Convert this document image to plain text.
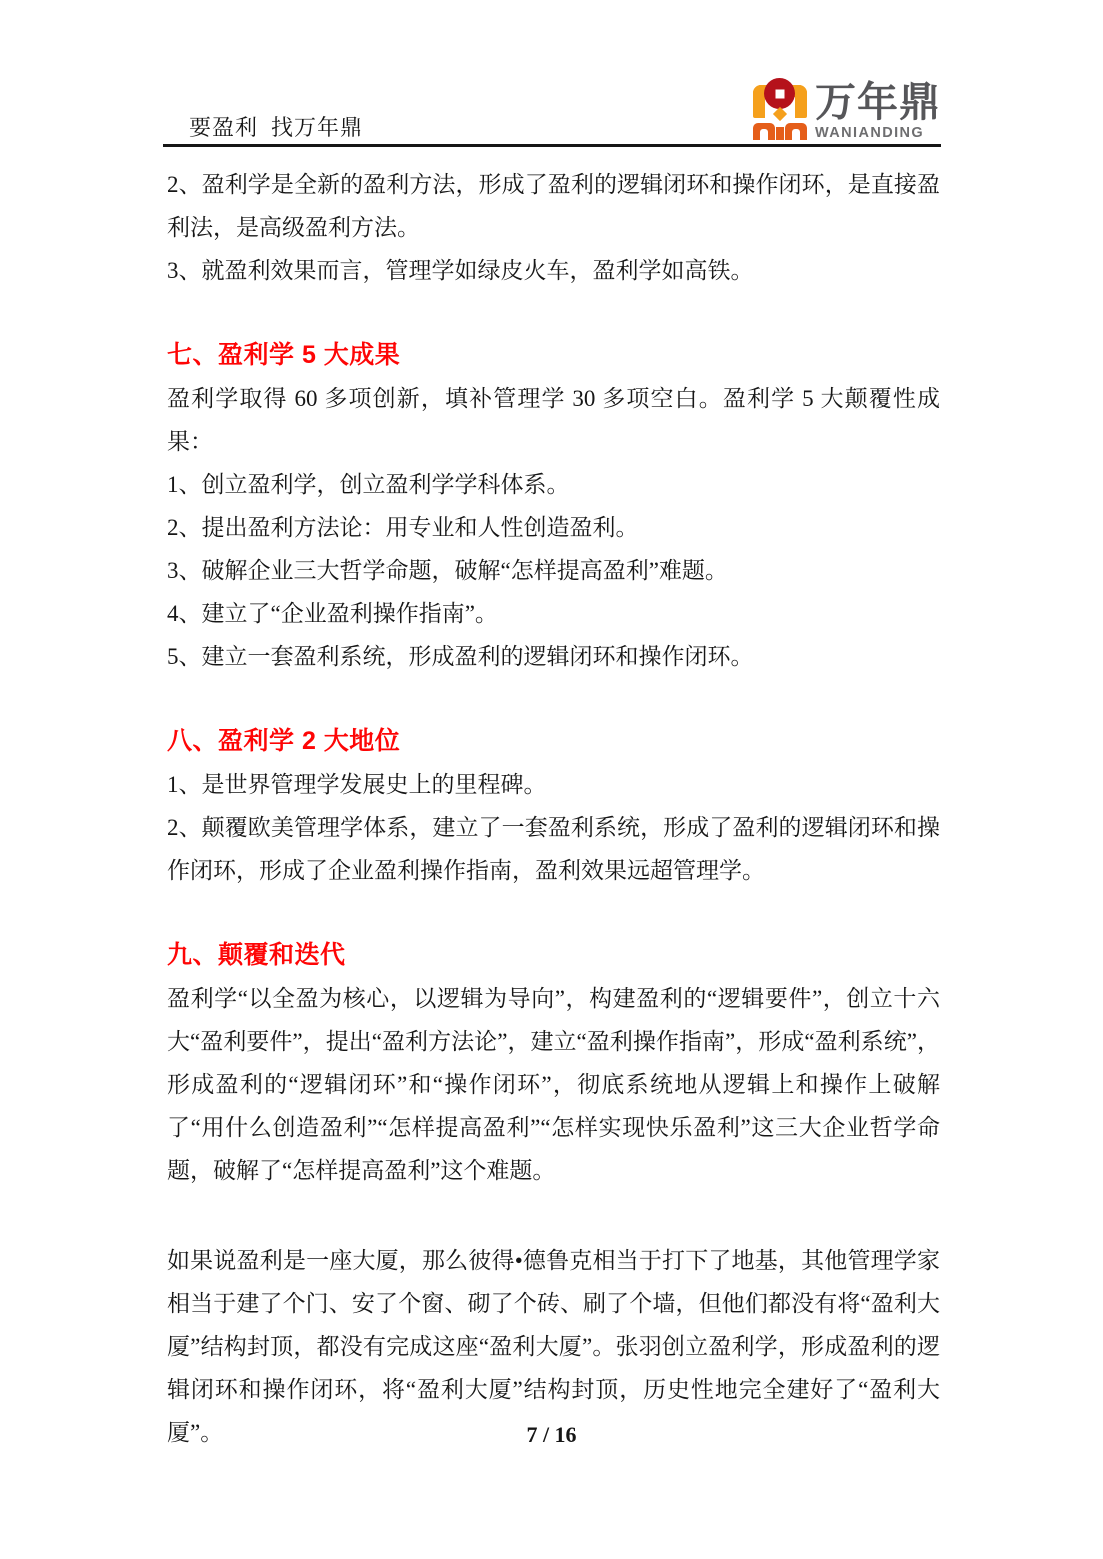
要盈利  找万年鼎
万年鼎
WANIANDING
2、盈利学是全新的盈利方法，形成了盈利的逻辑闭环和操作闭环，是直接盈利法，是高级盈利方法。
3、就盈利效果而言，管理学如绿皮火车，盈利学如高铁。
七、盈利学 5 大成果
盈利学取得 60 多项创新，填补管理学 30 多项空白。盈利学 5 大颠覆性成果：
1、创立盈利学，创立盈利学学科体系。
2、提出盈利方法论：用专业和人性创造盈利。
3、破解企业三大哲学命题，破解“怎样提高盈利”难题。
4、建立了“企业盈利操作指南”。
5、建立一套盈利系统，形成盈利的逻辑闭环和操作闭环。
八、盈利学 2 大地位
1、是世界管理学发展史上的里程碑。
2、颠覆欧美管理学体系，建立了一套盈利系统，形成了盈利的逻辑闭环和操作闭环，形成了企业盈利操作指南，盈利效果远超管理学。
九、颠覆和迭代
盈利学“以全盈为核心，以逻辑为导向”，构建盈利的“逻辑要件”，创立十六大“盈利要件”，提出“盈利方法论”，建立“盈利操作指南”，形成“盈利系统”，形成盈利的“逻辑闭环”和“操作闭环”，彻底系统地从逻辑上和操作上破解了“用什么创造盈利”“怎样提高盈利”“怎样实现快乐盈利”这三大企业哲学命题，破解了“怎样提高盈利”这个难题。
如果说盈利是一座大厦，那么彼得•德鲁克相当于打下了地基，其他管理学家相当于建了个门、安了个窗、砌了个砖、刷了个墙，但他们都没有将“盈利大厦”结构封顶，都没有完成这座“盈利大厦”。张羽创立盈利学，形成盈利的逻辑闭环和操作闭环，将“盈利大厦”结构封顶，历史性地完全建好了“盈利大厦”。	7 / 16
